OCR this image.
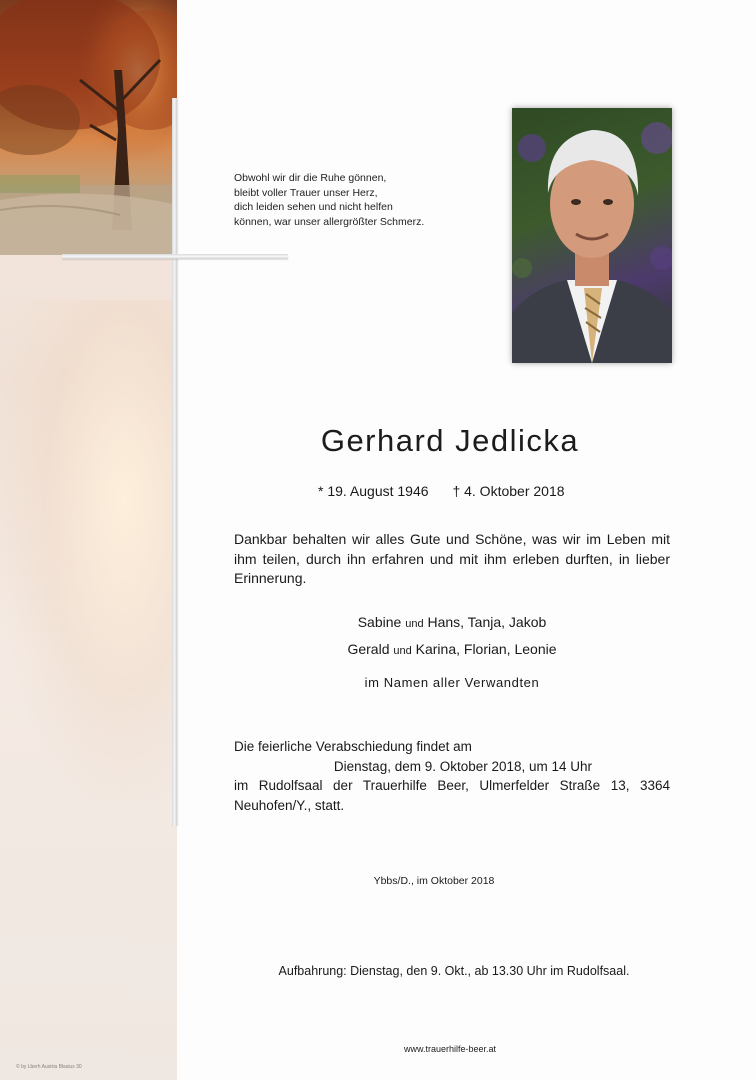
Obwohl wir dir die Ruhe gönnen,
bleibt voller Trauer unser Herz,
dich leiden sehen und nicht helfen
können, war unser allergrößter Schmerz.
Gerhard Jedlicka
* 19. August 1946 † 4. Oktober 2018
Dankbar behalten wir alles Gute und Schöne, was wir im Leben mit ihm teilen, durch ihn erfahren und mit ihm erleben durften, in lieber Erinnerung.
Sabine und Hans, Tanja, Jakob
Gerald und Karina, Florian, Leonie
im Namen aller Verwandten
Die feierliche Verabschiedung findet am
Dienstag, dem 9. Oktober 2018, um 14 Uhr
im Rudolfsaal der Trauerhilfe Beer, Ulmerfelder Straße 13, 3364
Neuhofen/Y., statt.
Ybbs/D., im Oktober 2018
Aufbahrung: Dienstag, den 9. Okt., ab 13.30 Uhr im Rudolfsaal.
www.trauerhilfe-beer.at
© by Lberh Austria Blasius 30
